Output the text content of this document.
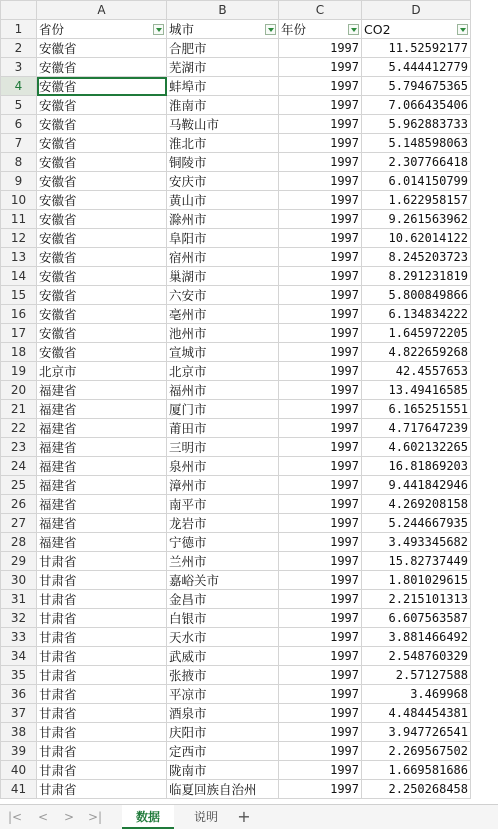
	A	B	C	D
1	省份	城市	年份	CO2

2	安徽省	合肥市	1997	11.52592177
3	安徽省	芜湖市	1997	5.444412779
4	安徽省	蚌埠市	1997	5.794675365
5	安徽省	淮南市	1997	7.066435406
6	安徽省	马鞍山市	1997	5.962883733
7	安徽省	淮北市	1997	5.148598063
8	安徽省	铜陵市	1997	2.307766418
9	安徽省	安庆市	1997	6.014150799
10	安徽省	黄山市	1997	1.622958157
11	安徽省	滁州市	1997	9.261563962
12	安徽省	阜阳市	1997	10.62014122
13	安徽省	宿州市	1997	8.245203723
14	安徽省	巢湖市	1997	8.291231819
15	安徽省	六安市	1997	5.800849866
16	安徽省	亳州市	1997	6.134834222
17	安徽省	池州市	1997	1.645972205
18	安徽省	宣城市	1997	4.822659268
19	北京市	北京市	1997	42.4557653
20	福建省	福州市	1997	13.49416585
21	福建省	厦门市	1997	6.165251551
22	福建省	莆田市	1997	4.717647239
23	福建省	三明市	1997	4.602132265
24	福建省	泉州市	1997	16.81869203
25	福建省	漳州市	1997	9.441842946
26	福建省	南平市	1997	4.269208158
27	福建省	龙岩市	1997	5.244667935
28	福建省	宁德市	1997	3.493345682
29	甘肃省	兰州市	1997	15.82737449
30	甘肃省	嘉峪关市	1997	1.801029615
31	甘肃省	金昌市	1997	2.215101313
32	甘肃省	白银市	1997	6.607563587
33	甘肃省	天水市	1997	3.881466492
34	甘肃省	武威市	1997	2.548760329
35	甘肃省	张掖市	1997	2.57127588
36	甘肃省	平凉市	1997	3.469968
37	甘肃省	酒泉市	1997	4.484454381
38	甘肃省	庆阳市	1997	3.947726541
39	甘肃省	定西市	1997	2.269567502
40	甘肃省	陇南市	1997	1.669581686
41	甘肃省	临夏回族自治州	1997	2.250268458
|<	<	>	>|	数据	说明	+
